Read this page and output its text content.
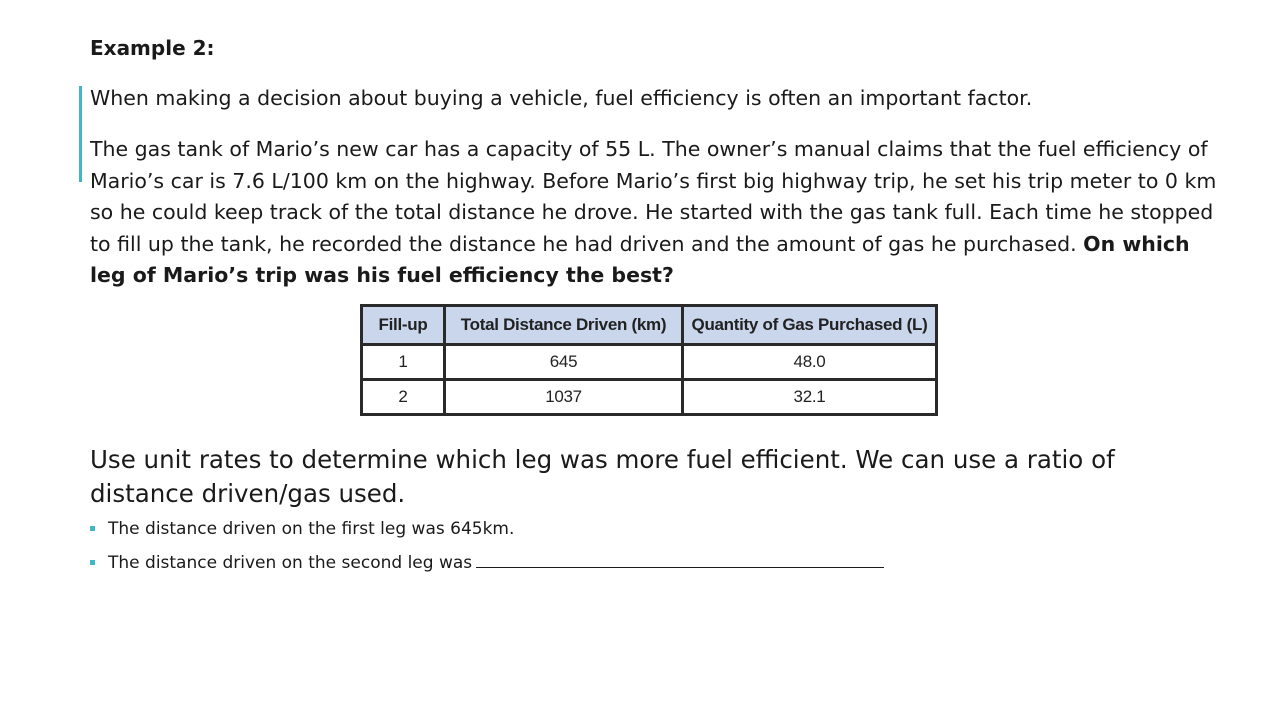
Example 2:

When making a decision about buying a vehicle, fuel efficiency is often an important factor.

The gas tank of Mario’s new car has a capacity of 55 L. The owner’s manual claims that the fuel efficiency of Mario’s car is 7.6 L/100 km on the highway. Before Mario’s first big highway trip, he set his trip meter to 0 km so he could keep track of the total distance he drove. He started with the gas tank full. Each time he stopped to fill up the tank, he recorded the distance he had driven and the amount of gas he purchased. On which leg of Mario’s trip was his fuel efficiency the best?

Fill-up	Total Distance Driven (km)	Quantity of Gas Purchased (L)
1	645	48.0
2	1037	32.1

Use unit rates to determine which leg was more fuel efficient. We can use a ratio of distance driven/gas used.

The distance driven on the first leg was 645km.
The distance driven on the second leg was
